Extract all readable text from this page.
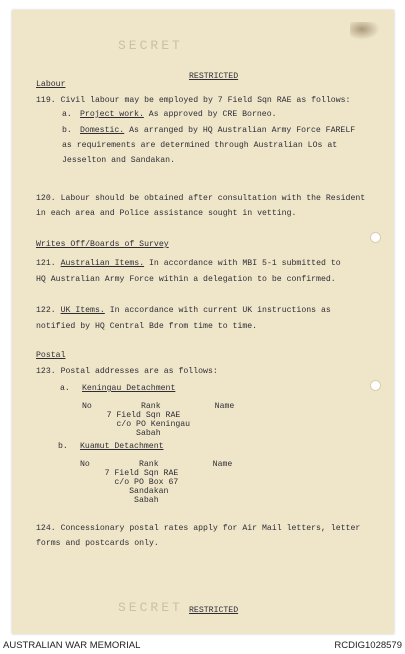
SECRET
RESTRICTED
Labour
119. Civil labour may be employed by 7 Field Sqn RAE as follows:
a. Project work. As approved by CRE Borneo.
b. Domestic. As arranged by HQ Australian Army Force FARELF
as requirements are determined through Australian LOs at
Jesselton and Sandakan.
120. Labour should be obtained after consultation with the Resident
in each area and Police assistance sought in vetting.
Writes Off/Boards of Survey
121. Australian Items. In accordance with MBI 5-1 submitted to
HQ Australian Army Force within a delegation to be confirmed.
122. UK Items. In accordance with current UK instructions as
notified by HQ Central Bde from time to time.
Postal
123. Postal addresses are as follows:
a. Keningau Detachment
No          Rank           Name
7 Field Sqn RAE
c/o PO Keningau
Sabah
b. Kuamut Detachment
No          Rank           Name
7 Field Sqn RAE
c/o PO Box 67
Sandakan
Sabah
124. Concessionary postal rates apply for Air Mail letters, letter
forms and postcards only.
SECRET RESTRICTED
AUSTRALIAN WAR MEMORIAL	RCDIG1028579
